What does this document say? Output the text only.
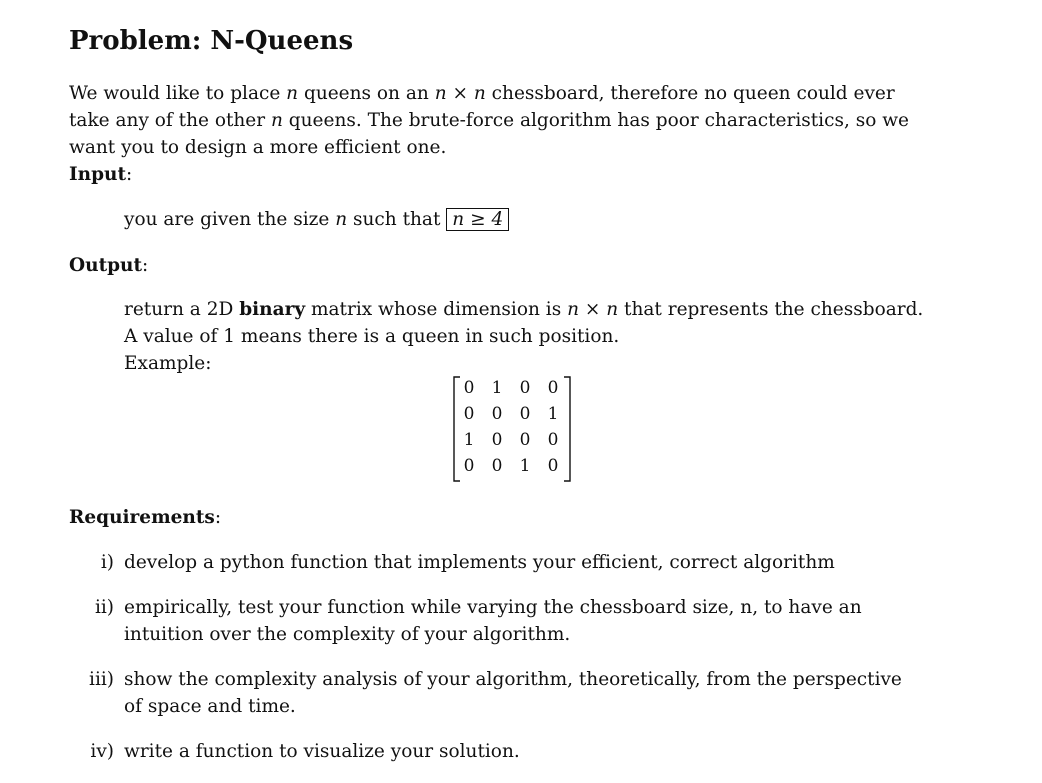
Problem: N-Queens
We would like to place n queens on an n × n chessboard, therefore no queen could ever
take any of the other n queens. The brute-force algorithm has poor characteristics, so we
want you to design a more efficient one.
Input:
you are given the size n such that n ≥ 4
Output:
return a 2D binary matrix whose dimension is n × n that represents the chessboard.
A value of 1 means there is a queen in such position.
Example:
0	1	0	0
0	0	0	1
1	0	0	0
0	0	1	0
Requirements:
i) develop a python function that implements your efficient, correct algorithm
ii) empirically, test your function while varying the chessboard size, n, to have an
intuition over the complexity of your algorithm.
iii) show the complexity analysis of your algorithm, theoretically, from the perspective
of space and time.
iv) write a function to visualize your solution.
